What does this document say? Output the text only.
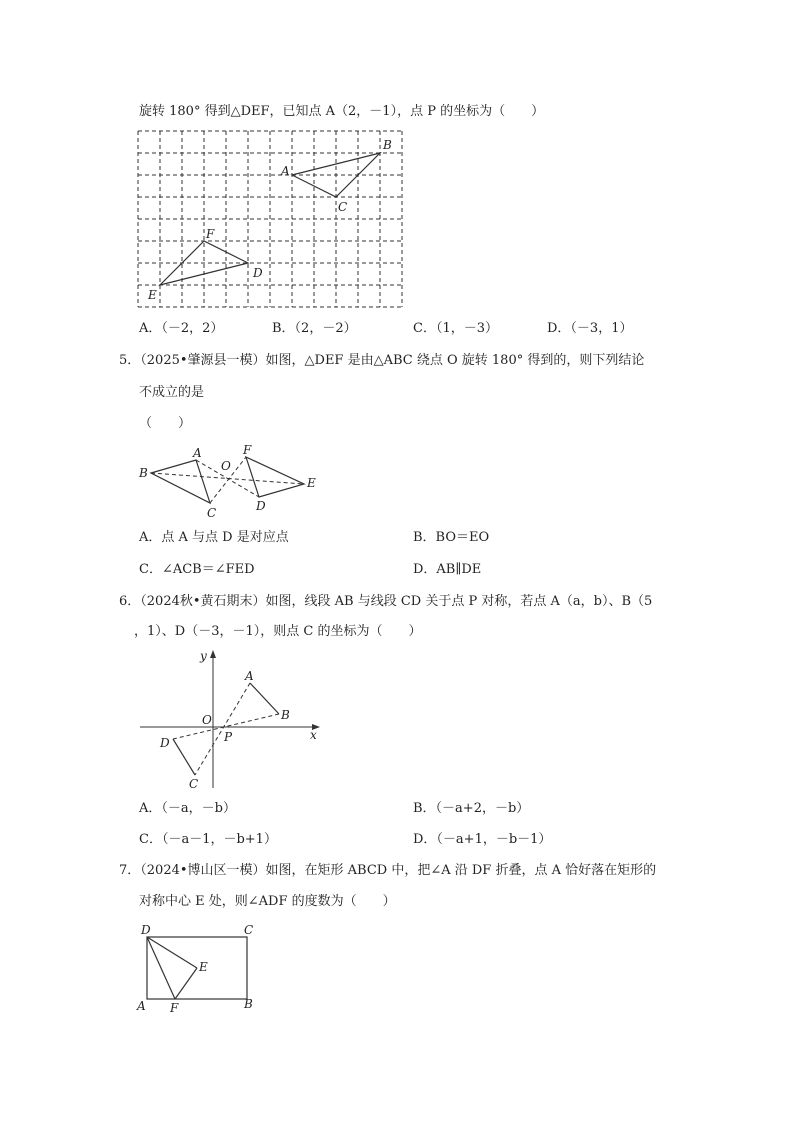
旋转 180° 得到△DEF，已知点 A（2，－1），点 P 的坐标为（　　）
A
B
C
D
E
F
A．（－2，2）	B．（2，－2）	C．（1，－3）	D．（－3，1）
5．（2025•肇源县一模）如图，△DEF 是由△ABC 绕点 O 旋转 180° 得到的，则下列结论
不成立的是
（　　）
B
A
C
O
F
D
E
A．点 A 与点 D 是对应点	B．BO＝EO
C．∠ACB＝∠FED	D．AB∥DE
6．（2024秋•黄石期末）如图，线段 AB 与线段 CD 关于点 P 对称，若点 A（a，b）、B（5
，1）、D（－3，－1），则点 C 的坐标为（　　）
O
y
x
A
B
P
D
C
A．（－a，－b）	B．（－a+2，－b）
C．（－a－1，－b+1）	D．（－a+1，－b－1）
7．（2024•博山区一模）如图，在矩形 ABCD 中，把∠A 沿 DF 折叠，点 A 恰好落在矩形的
对称中心 E 处，则∠ADF 的度数为（　　）
D	C
A F	B
E
